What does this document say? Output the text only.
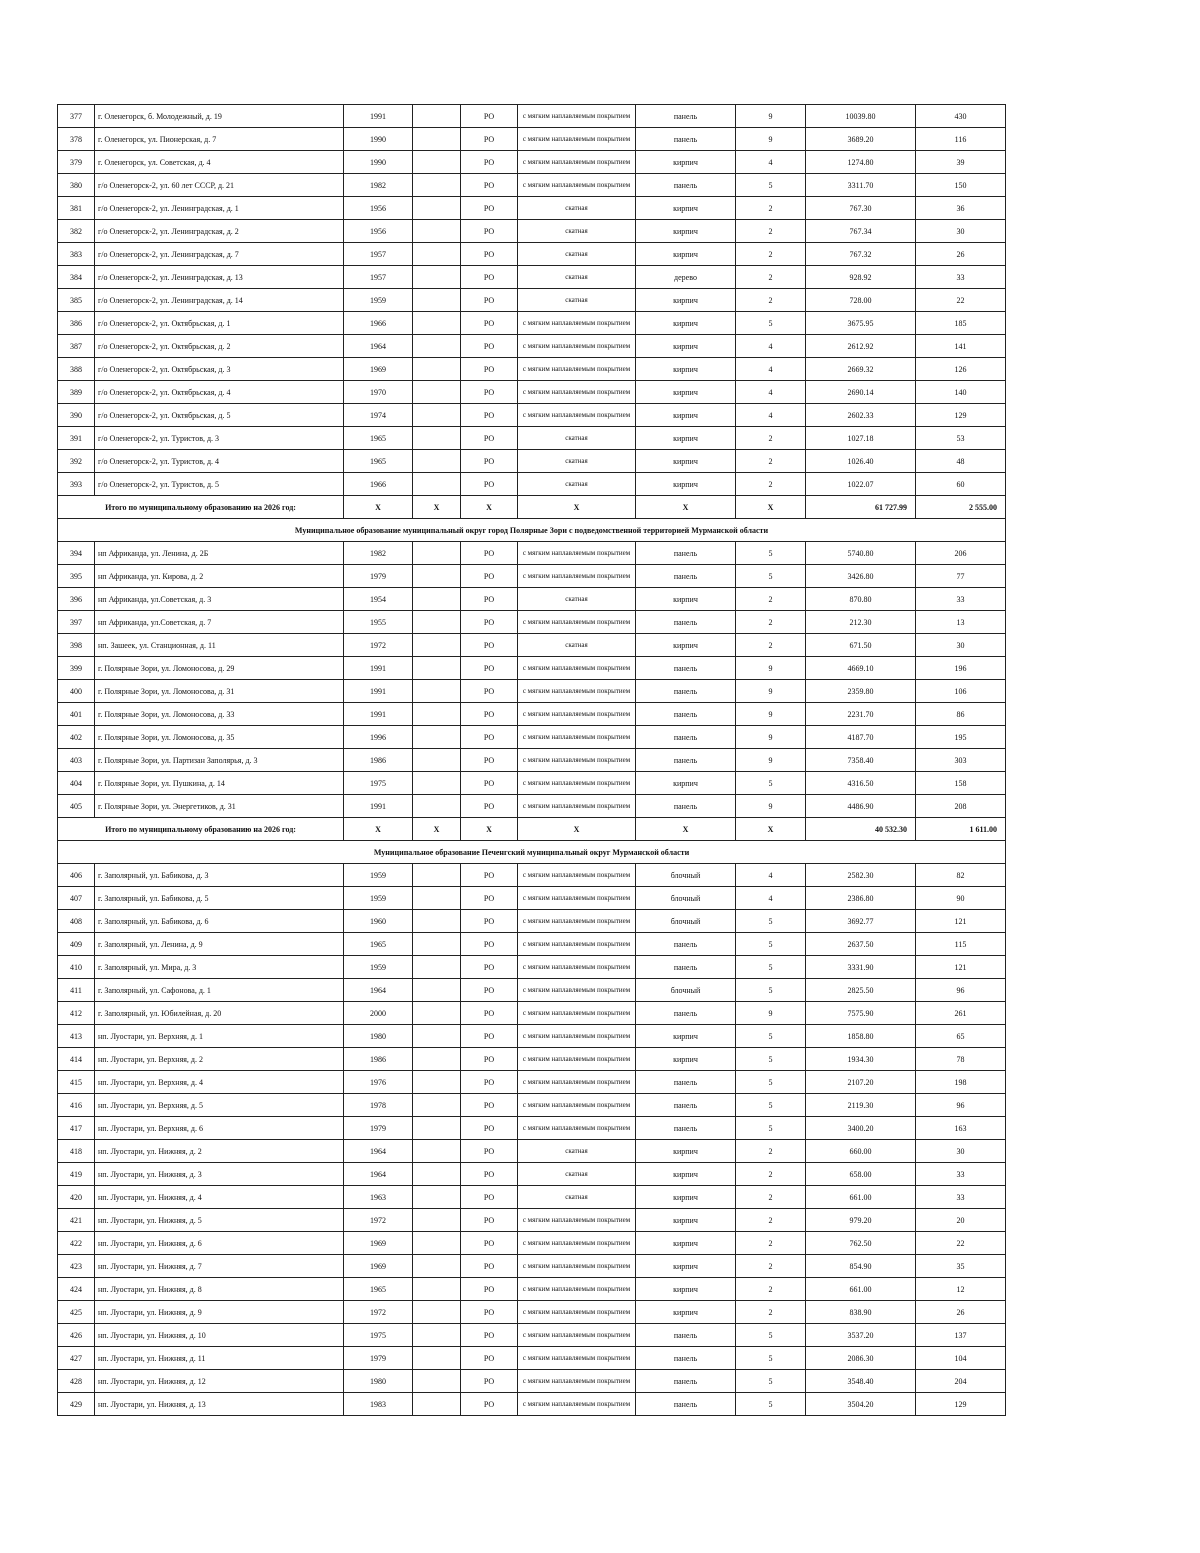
377	г. Оленегорск, б. Молодежный, д. 19	1991		РО	с мягким наплавляемым покрытием	панель	9	10039.80	430
378	г. Оленегорск, ул. Пионерская, д. 7	1990		РО	с мягким наплавляемым покрытием	панель	9	3689.20	116
379	г. Оленегорск, ул. Советская, д. 4	1990		РО	с мягким наплавляемым покрытием	кирпич	4	1274.80	39
380	г/о Оленегорск-2, ул. 60 лет СССР, д. 21	1982		РО	с мягким наплавляемым покрытием	панель	5	3311.70	150
381	г/о Оленегорск-2, ул. Ленинградская, д. 1	1956		РО	скатная	кирпич	2	767.30	36
382	г/о Оленегорск-2, ул. Ленинградская, д. 2	1956		РО	скатная	кирпич	2	767.34	30
383	г/о Оленегорск-2, ул. Ленинградская, д. 7	1957		РО	скатная	кирпич	2	767.32	26
384	г/о Оленегорск-2, ул. Ленинградская, д. 13	1957		РО	скатная	дерево	2	928.92	33
385	г/о Оленегорск-2, ул. Ленинградская, д. 14	1959		РО	скатная	кирпич	2	728.00	22
386	г/о Оленегорск-2, ул. Октябрьская, д. 1	1966		РО	с мягким наплавляемым покрытием	кирпич	5	3675.95	185
387	г/о Оленегорск-2, ул. Октябрьская, д. 2	1964		РО	с мягким наплавляемым покрытием	кирпич	4	2612.92	141
388	г/о Оленегорск-2, ул. Октябрьская, д. 3	1969		РО	с мягким наплавляемым покрытием	кирпич	4	2669.32	126
389	г/о Оленегорск-2, ул. Октябрьская, д. 4	1970		РО	с мягким наплавляемым покрытием	кирпич	4	2690.14	140
390	г/о Оленегорск-2, ул. Октябрьская, д. 5	1974		РО	с мягким наплавляемым покрытием	кирпич	4	2602.33	129
391	г/о Оленегорск-2, ул. Туристов, д. 3	1965		РО	скатная	кирпич	2	1027.18	53
392	г/о Оленегорск-2, ул. Туристов, д. 4	1965		РО	скатная	кирпич	2	1026.40	48
393	г/о Оленегорск-2, ул. Туристов, д. 5	1966		РО	скатная	кирпич	2	1022.07	60
Итого по муниципальному образованию на 2026 год:		X	X	X	X	X	X	61 727.99	2 555.00
Муниципальное образование муниципальный округ город Полярные Зори с подведомственной территорией Мурманской области									
394	нп Африканда, ул. Ленина, д. 2Б	1982		РО	с мягким наплавляемым покрытием	панель	5	5740.80	206
395	нп Африканда, ул. Кирова, д. 2	1979		РО	с мягким наплавляемым покрытием	панель	5	3426.80	77
396	нп Африканда, ул.Советская, д. 3	1954		РО	скатная	кирпич	2	870.80	33
397	нп Африканда, ул.Советская, д. 7	1955		РО	с мягким наплавляемым покрытием	панель	2	212.30	13
398	нп. Зашеек, ул. Станционная, д. 11	1972		РО	скатная	кирпич	2	671.50	30
399	г. Полярные Зори, ул. Ломоносова, д. 29	1991		РО	с мягким наплавляемым покрытием	панель	9	4669.10	196
400	г. Полярные Зори, ул. Ломоносова, д. 31	1991		РО	с мягким наплавляемым покрытием	панель	9	2359.80	106
401	г. Полярные Зори, ул. Ломоносова, д. 33	1991		РО	с мягким наплавляемым покрытием	панель	9	2231.70	86
402	г. Полярные Зори, ул. Ломоносова, д. 35	1996		РО	с мягким наплавляемым покрытием	панель	9	4187.70	195
403	г. Полярные Зори, ул. Партизан Заполярья, д. 3	1986		РО	с мягким наплавляемым покрытием	панель	9	7358.40	303
404	г. Полярные Зори, ул. Пушкина, д. 14	1975		РО	с мягким наплавляемым покрытием	кирпич	5	4316.50	158
405	г. Полярные Зори, ул. Энергетиков, д. 31	1991		РО	с мягким наплавляемым покрытием	панель	9	4486.90	208
Итого по муниципальному образованию на 2026 год:		X	X	X	X	X	X	40 532.30	1 611.00
Муниципальное образование Печенгский муниципальный округ Мурманской области									
406	г. Заполярный, ул. Бабикова, д. 3	1959		РО	с мягким наплавляемым покрытием	блочный	4	2582.30	82
407	г. Заполярный, ул. Бабикова, д. 5	1959		РО	с мягким наплавляемым покрытием	блочный	4	2386.80	90
408	г. Заполярный, ул. Бабикова, д. 6	1960		РО	с мягким наплавляемым покрытием	блочный	5	3692.77	121
409	г. Заполярный, ул. Ленина, д. 9	1965		РО	с мягким наплавляемым покрытием	панель	5	2637.50	115
410	г. Заполярный, ул. Мира, д. 3	1959		РО	с мягким наплавляемым покрытием	панель	5	3331.90	121
411	г. Заполярный, ул. Сафонова, д. 1	1964		РО	с мягким наплавляемым покрытием	блочный	5	2825.50	96
412	г. Заполярный, ул. Юбилейная, д. 20	2000		РО	с мягким наплавляемым покрытием	панель	9	7575.90	261
413	нп. Луостари, ул. Верхняя, д. 1	1980		РО	с мягким наплавляемым покрытием	кирпич	5	1858.80	65
414	нп. Луостари, ул. Верхняя, д. 2	1986		РО	с мягким наплавляемым покрытием	кирпич	5	1934.30	78
415	нп. Луостари, ул. Верхняя, д. 4	1976		РО	с мягким наплавляемым покрытием	панель	5	2107.20	198
416	нп. Луостари, ул. Верхняя, д. 5	1978		РО	с мягким наплавляемым покрытием	панель	5	2119.30	96
417	нп. Луостари, ул. Верхняя, д. 6	1979		РО	с мягким наплавляемым покрытием	панель	5	3400.20	163
418	нп. Луостари, ул. Нижняя, д. 2	1964		РО	скатная	кирпич	2	660.00	30
419	нп. Луостари, ул. Нижняя, д. 3	1964		РО	скатная	кирпич	2	658.00	33
420	нп. Луостари, ул. Нижняя, д. 4	1963		РО	скатная	кирпич	2	661.00	33
421	нп. Луостари, ул. Нижняя, д. 5	1972		РО	с мягким наплавляемым покрытием	кирпич	2	979.20	20
422	нп. Луостари, ул. Нижняя, д. 6	1969		РО	с мягким наплавляемым покрытием	кирпич	2	762.50	22
423	нп. Луостари, ул. Нижняя, д. 7	1969		РО	с мягким наплавляемым покрытием	кирпич	2	854.90	35
424	нп. Луостари, ул. Нижняя, д. 8	1965		РО	с мягким наплавляемым покрытием	кирпич	2	661.00	12
425	нп. Луостари, ул. Нижняя, д. 9	1972		РО	с мягким наплавляемым покрытием	кирпич	2	838.90	26
426	нп. Луостари, ул. Нижняя, д. 10	1975		РО	с мягким наплавляемым покрытием	панель	5	3537.20	137
427	нп. Луостари, ул. Нижняя, д. 11	1979		РО	с мягким наплавляемым покрытием	панель	5	2086.30	104
428	нп. Луостари, ул. Нижняя, д. 12	1980		РО	с мягким наплавляемым покрытием	панель	5	3548.40	204
429	нп. Луостари, ул. Нижняя, д. 13	1983		РО	с мягким наплавляемым покрытием	панель	5	3504.20	129
